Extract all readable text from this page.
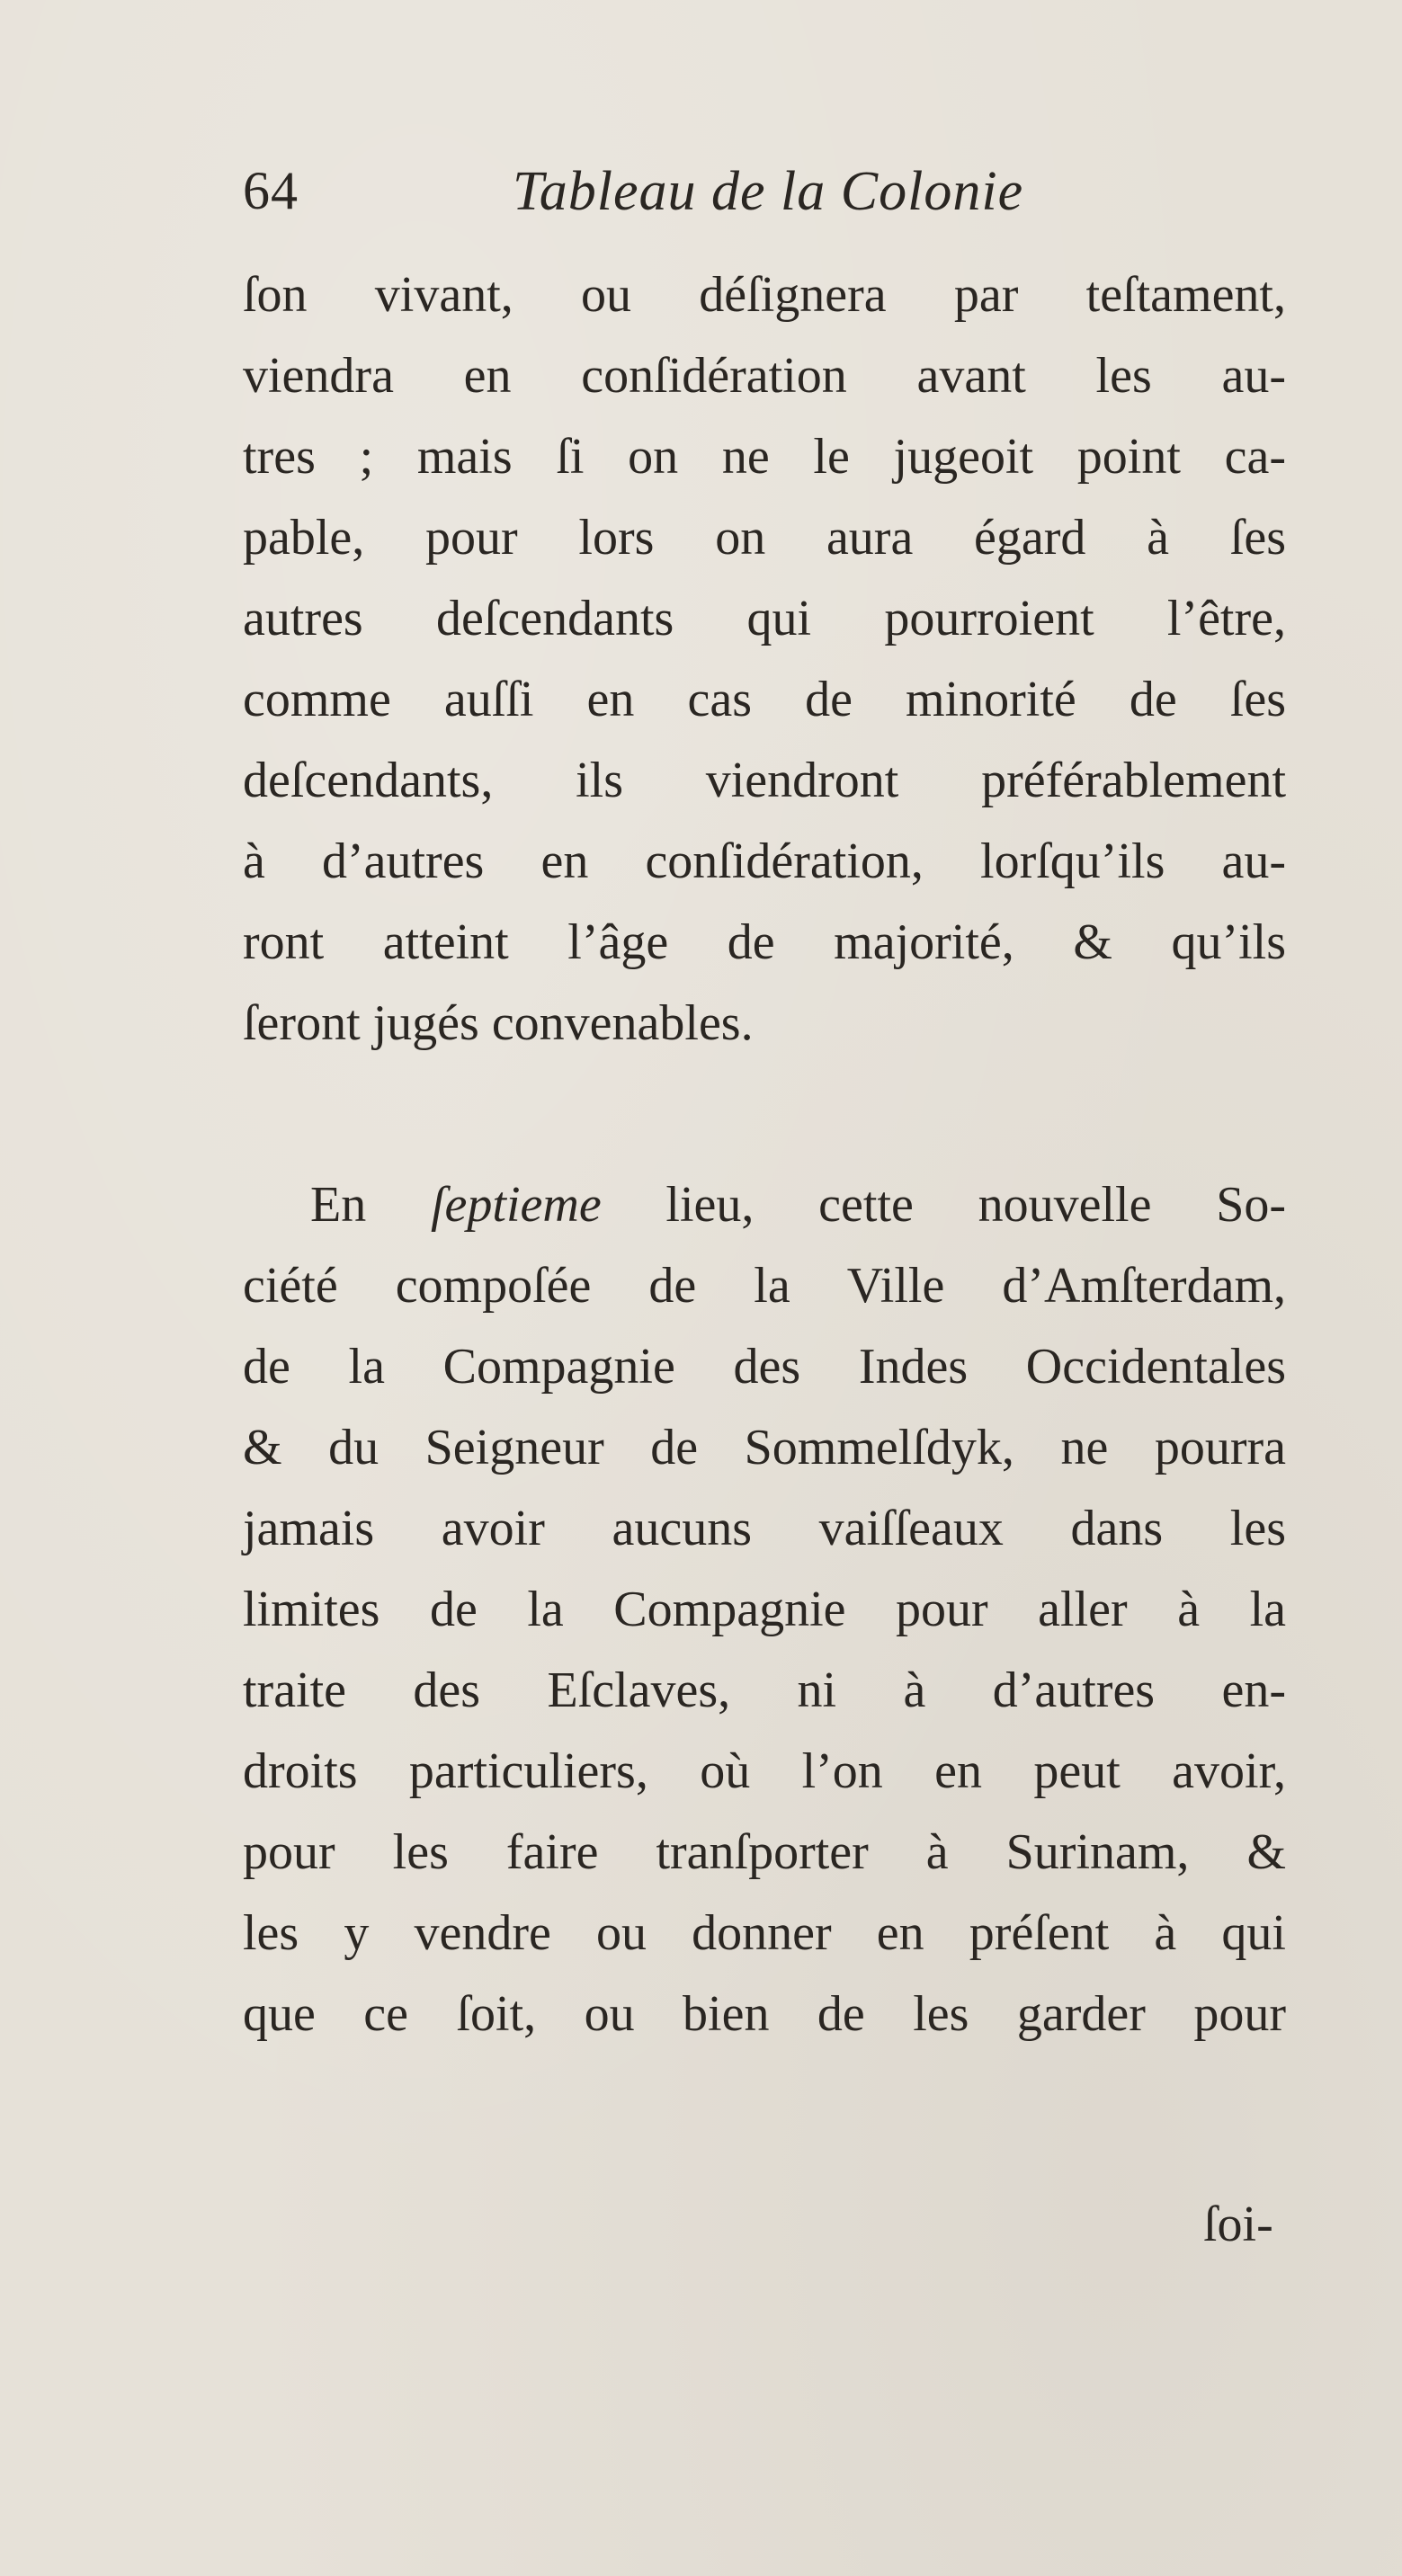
64	Tableau de la Colonie
ſon vivant, ou déſignera par teſtament,
viendra en conſidération avant les au-
tres ; mais ſi on ne le jugeoit point ca-
pable, pour lors on aura égard à ſes
autres deſcendants qui pourroient l’être,
comme auſſi en cas de minorité de ſes
deſcendants, ils viendront préférablement
à d’autres en conſidération, lorſqu’ils au-
ront atteint l’âge de majorité, & qu’ils
ſeront jugés convenables.
En ſeptieme lieu, cette nouvelle So-
ciété compoſée de la Ville d’Amſterdam,
de la Compagnie des Indes Occidentales
& du Seigneur de Sommelſdyk, ne pourra
jamais avoir aucuns vaiſſeaux dans les
limites de la Compagnie pour aller à la
traite des Eſclaves, ni à d’autres en-
droits particuliers, où l’on en peut avoir,
pour les faire tranſporter à Surinam, &
les y vendre ou donner en préſent à qui
que ce ſoit, ou bien de les garder pour
ſoi-
